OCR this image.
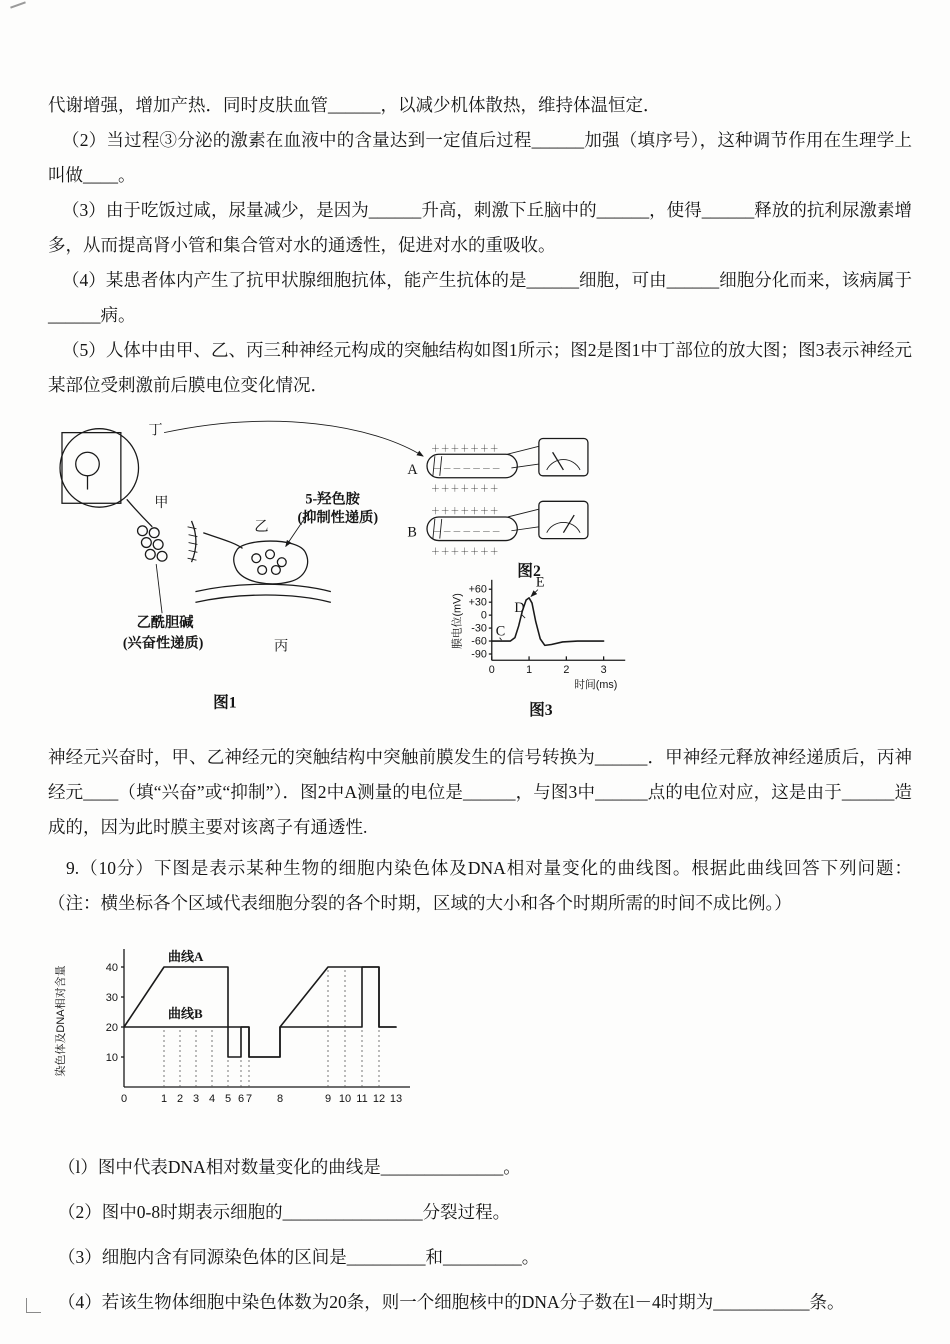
代谢增强，增加产热．同时皮肤血管______，以减少机体散热，维持体温恒定．

（2）当过程③分泌的激素在血液中的含量达到一定值后过程______加强（填序号），这种调节作用在生理学上叫做____。

（3）由于吃饭过咸，尿量减少，是因为______升高，刺激下丘脑中的______，使得______释放的抗利尿激素增多，从而提高肾小管和集合管对水的通透性，促进对水的重吸收。

（4）某患者体内产生了抗甲状腺细胞抗体，能产生抗体的是______细胞，可由______细胞分化而来，该病属于______病。

（5）人体中由甲、乙、丙三种神经元构成的突触结构如图1所示；图2是图1中丁部位的放大图；图3表示神经元某部位受刺激前后膜电位变化情况．

丁
甲
乙
5-羟色胺
(抑制性递质)
乙酰胆碱
(兴奋性递质)	丙
图1
A
＋＋＋＋＋＋＋
－－－－－－－
＋＋＋＋＋＋＋
B
＋＋＋＋＋＋＋
－－－－－－－
＋＋＋＋＋＋＋
图2
膜电位(mV)
+60
+30
0
-30
-60
-90
0	1	2	3
C
D
E
时间(ms)
图3

神经元兴奋时，甲、乙神经元的突触结构中突触前膜发生的信号转换为______．甲神经元释放神经递质后，丙神经元____（填“兴奋”或“抑制”）．图2中A测量的电位是______，与图3中______点的电位对应，这是由于______造成的，因为此时膜主要对该离子有通透性.

9.（10分）下图是表示某种生物的细胞内染色体及DNA相对量变化的曲线图。根据此曲线回答下列问题：（注：横坐标各个区域代表细胞分裂的各个时期，区域的大小和各个时期所需的时间不成比例。）

染色体及DNA相对含量
0	1 2 3 4 5 6 7 8	9 10 11 12 13
10
20
30
40
曲线A
曲线B
（l）图中代表DNA相对数量变化的曲线是______________。
（2）图中0-8时期表示细胞的________________分裂过程。
（3）细胞内含有同源染色体的区间是_________和_________。
（4）若该生物体细胞中染色体数为20条，则一个细胞核中的DNA分子数在l－4时期为___________条。
